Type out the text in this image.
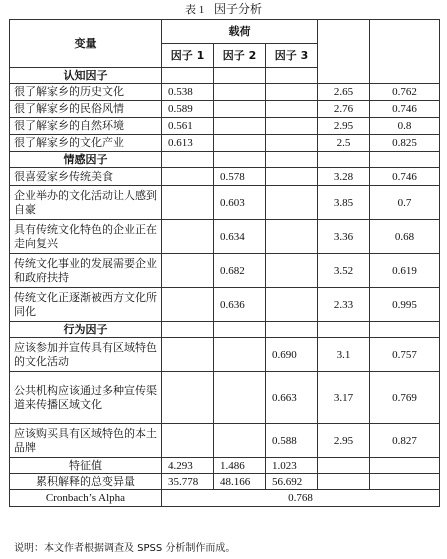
表 1 因子分析
变量	载荷				
	因子 1	因子 2	因子 3		
认知因子					
很了解家乡的历史文化	0.538			2.65	0.762
很了解家乡的民俗风情	0.589			2.76	0.746
很了解家乡的自然环境	0.561			2.95	0.8
很了解家乡的文化产业	0.613			2.5	0.825
情感因子					
很喜爱家乡传统美食		0.578		3.28	0.746
企业举办的文化活动让人感到自豪		0.603		3.85	0.7
具有传统文化特色的企业正在走向复兴		0.634		3.36	0.68
传统文化事业的发展需要企业和政府扶持		0.682		3.52	0.619
传统文化正逐渐被西方文化所同化		0.636		2.33	0.995
行为因子					
应该参加并宣传具有区域特色的文化活动			0.690	3.1	0.757
公共机构应该通过多种宣传渠道来传播区域文化			0.663	3.17	0.769
应该购买具有区域特色的本土品牌			0.588	2.95	0.827
特征值	4.293	1.486	1.023		
累积解释的总变异量	35.778	48.166	56.692		
Cronbach’s Alpha	0.768				
说明：本文作者根据调查及 SPSS 分析制作而成。
